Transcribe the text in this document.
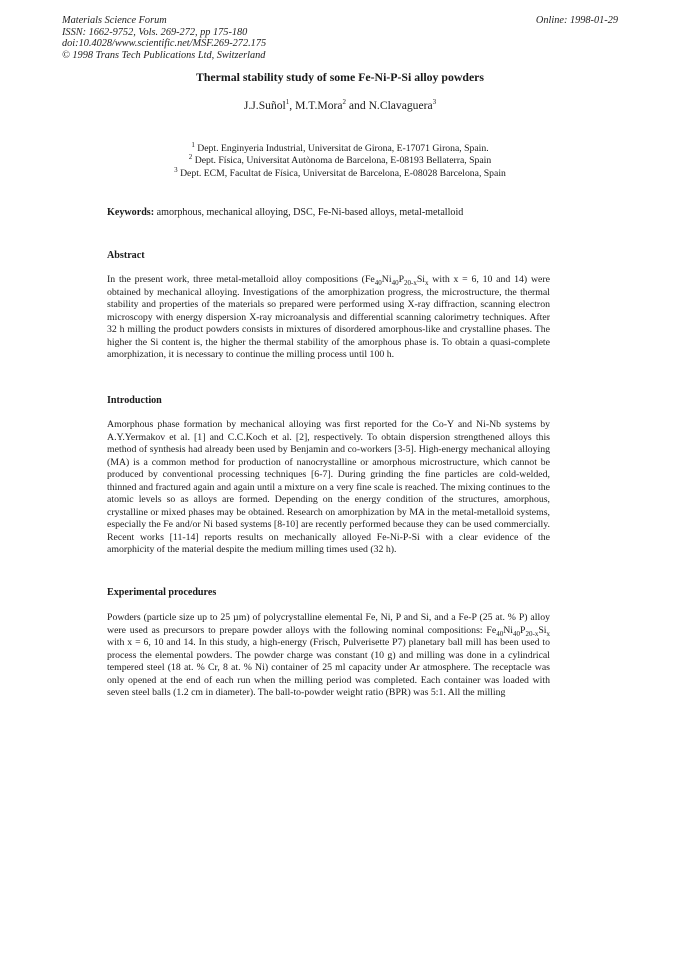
Materials Science Forum
ISSN: 1662-9752, Vols. 269-272, pp 175-180
doi:10.4028/www.scientific.net/MSF.269-272.175
© 1998 Trans Tech Publications Ltd, Switzerland
Online: 1998-01-29
Thermal stability study of some Fe-Ni-P-Si alloy powders
J.J.Suñol$^1$, M.T.Mora$^2$ and N.Clavaguera$^3$
$^1$ Dept. Enginyeria Industrial, Universitat de Girona, E-17071 Girona, Spain.
$^2$ Dept. Física, Universitat Autònoma de Barcelona, E-08193 Bellaterra, Spain
$^3$ Dept. ECM, Facultat de Física, Universitat de Barcelona, E-08028 Barcelona, Spain
Keywords: amorphous, mechanical alloying, DSC, Fe-Ni-based alloys, metal-metalloid
Abstract
In the present work, three metal-metalloid alloy compositions ($Fe_{40}Ni_{40}P_{20-x}Si_x$ with x = 6, 10 and 14) were obtained by mechanical alloying. Investigations of the amorphization progress, the microstructure, the thermal stability and properties of the materials so prepared were performed using X-ray diffraction, scanning electron microscopy with energy dispersion X-ray microanalysis and differential scanning calorimetry techniques. After 32 h milling the product powders consists in mixtures of disordered amorphous-like and crystalline phases. The higher the Si content is, the higher the thermal stability of the amorphous phase is. To obtain a quasi-complete amorphization, it is necessary to continue the milling process until 100 h.
Introduction
Amorphous phase formation by mechanical alloying was first reported for the Co-Y and Ni-Nb systems by A.Y.Yermakov et al. [1] and C.C.Koch et al. [2], respectively. To obtain dispersion strengthened alloys this method of synthesis had already been used by Benjamin and co-workers [3-5]. High-energy mechanical alloying (MA) is a common method for production of nanocrystalline or amorphous microstructure, which cannot be produced by conventional processing techniques [6-7]. During grinding the fine particles are cold-welded, thinned and fractured again and again until a mixture on a very fine scale is reached. The mixing continues to the atomic levels so as alloys are formed. Depending on the energy condition of the structures, amorphous, crystalline or mixed phases may be obtained. Research on amorphization by MA in the metal-metalloid systems, especially the Fe and/or Ni based systems [8-10] are recently performed because they can be used commercially. Recent works [11-14] reports results on mechanically alloyed Fe-Ni-P-Si with a clear evidence of the amorphicity of the material despite the medium milling times used (32 h).
Experimental procedures
Powders (particle size up to 25 µm) of polycrystalline elemental Fe, Ni, P and Si, and a Fe-P (25 at. % P) alloy were used as precursors to prepare powder alloys with the following nominal compositions: $Fe_{40}Ni_{40}P_{20-x}Si_x$ with x = 6, 10 and 14. In this study, a high-energy (Frisch, Pulverisette P7) planetary ball mill has been used to process the elemental powders. The powder charge was constant (10 g) and milling was done in a cylindrical tempered steel (18 at. % Cr, 8 at. % Ni) container of 25 ml capacity under Ar atmosphere. The receptacle was only opened at the end of each run when the milling period was completed. Each container was loaded with seven steel balls (1.2 cm in diameter). The ball-to-powder weight ratio (BPR) was 5:1. All the milling
